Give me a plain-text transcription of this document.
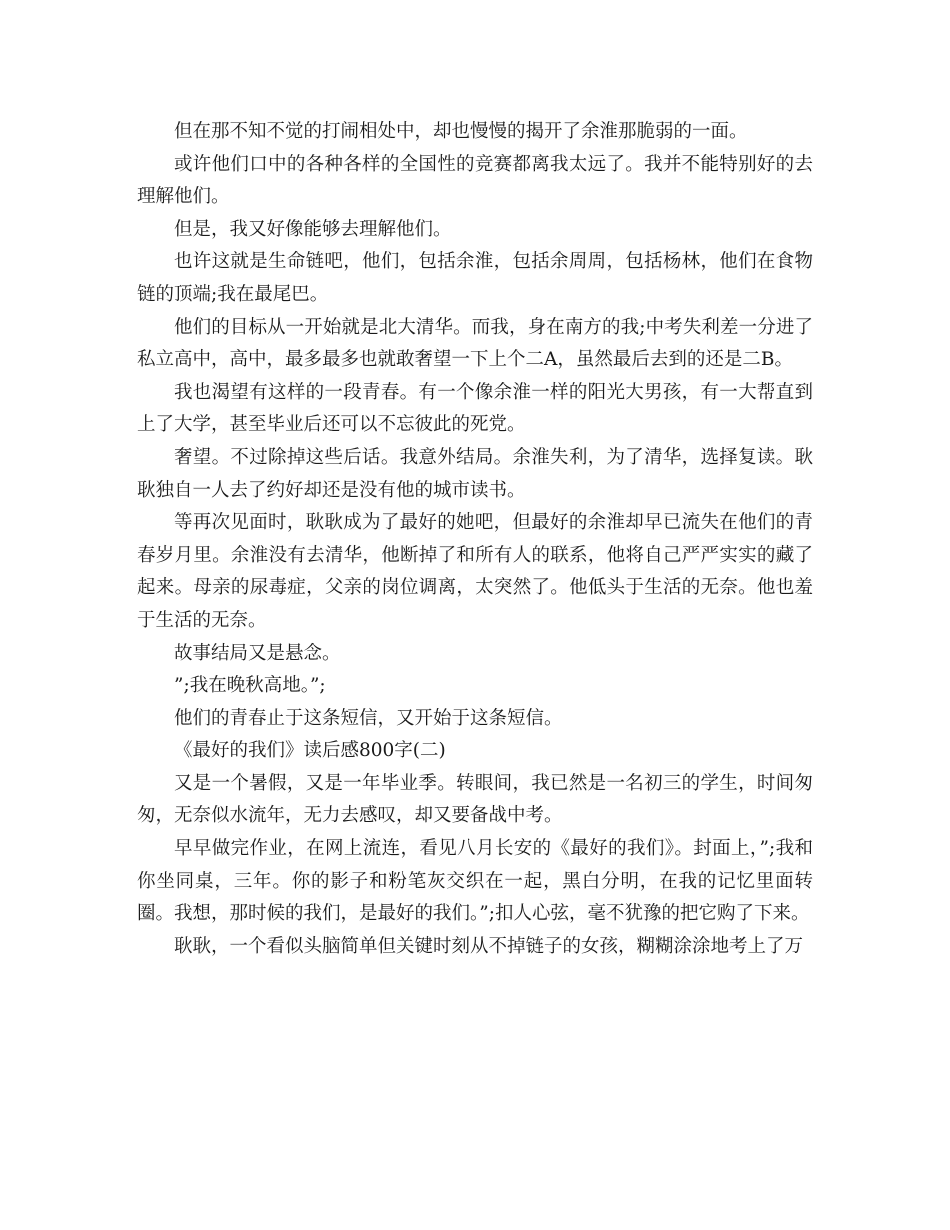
但在那不知不觉的打闹相处中，却也慢慢的揭开了余淮那脆弱的一面。

或许他们口中的各种各样的全国性的竞赛都离我太远了。我并不能特别好的去理解他们。

但是，我又好像能够去理解他们。

也许这就是生命链吧，他们，包括余淮，包括余周周，包括杨林，他们在食物链的顶端;我在最尾巴。

他们的目标从一开始就是北大清华。而我，身在南方的我;中考失利差一分进了私立高中，高中，最多最多也就敢奢望一下上个二A，虽然最后去到的还是二B。

我也渴望有这样的一段青春。有一个像余淮一样的阳光大男孩，有一大帮直到上了大学，甚至毕业后还可以不忘彼此的死党。

奢望。不过除掉这些后话。我意外结局。余淮失利，为了清华，选择复读。耿耿独自一人去了约好却还是没有他的城市读书。

等再次见面时，耿耿成为了最好的她吧，但最好的余淮却早已流失在他们的青春岁月里。余淮没有去清华，他断掉了和所有人的联系，他将自己严严实实的藏了起来。母亲的尿毒症，父亲的岗位调离，太突然了。他低头于生活的无奈。他也羞于生活的无奈。

故事结局又是悬念。

”;我在晚秋高地。”;

他们的青春止于这条短信，又开始于这条短信。

《最好的我们》读后感800字(二)

又是一个暑假，又是一年毕业季。转眼间，我已然是一名初三的学生，时间匆匆，无奈似水流年，无力去感叹，却又要备战中考。

早早做完作业，在网上流连，看见八月长安的《最好的我们》。封面上，”;我和你坐同桌，三年。你的影子和粉笔灰交织在一起，黑白分明，在我的记忆里面转圈。我想，那时候的我们，是最好的我们。”;扣人心弦，毫不犹豫的把它购了下来。

耿耿，一个看似头脑简单但关键时刻从不掉链子的女孩，糊糊涂涂地考上了万
